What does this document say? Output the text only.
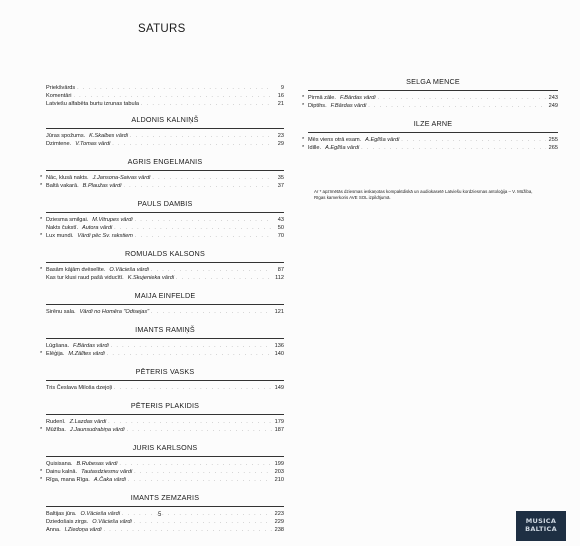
SATURS
Priekšvārds . . .	9
Komentāri . . .	16
Latviešu alfabēta burtu izrunas tabula . . .	21
ALDONIS KALNIŅŠ
Jūras spožums. K.Skalbes vārdi . . .	23
Dzimtene. V.Tomas vārdi . . .	29
AGRIS ENGELMANIS
* Nāc, klusā nakts. J.Jansona-Saivas vārdi . . .	35
* Baltā vakarā. B.Plaužas vārdi . . .	37
PAULS DAMBIS
* Dziesma smilgai. M.Vitrupes vārdi . . .	43
Nakts čukstī. Autora vārdi . . .	50
* Lux mundi. Vārdi pēc Sv. rakstiem . . .	70
ROMUALDS KALSONS
* Basām kājām dvēselīte. O.Vācieša vārdi . . .	87
Kas tur klusi raud pašā viducītī. K.Skujenieka vārdi . . .	112
MAIJA EINFELDE
Sirēnu sala. Vārdi no Homēra "Odisejas" . . .	121
IMANTS RAMIŅŠ
Lūgšana. F.Bārdas vārdi . . .	136
* Elēģija. M.Zālītes vārdi . . .	140
PĒTERIS VASKS
Tris Česlava Miloša dzejoļi . . .	149
PĒTERIS PLAKIDIS
Rudenī. Z.Lazdas vārdi . . .	179
* Mūžība. J.Jaunsudrabiņa vārdi . . .	187
JURIS KARLSONS
Quisisana. B.Rubesas vārdi . . .	199
* Dainu kalnā. Tautasdziesmu vārdi . . .	203
* Rīga, mana Rīga. A.Čaka vārdi . . .	210
IMANTS ZEMZARIS
Baltijas jūra. O.Vācieša vārdi . . .	223
Dziedošais zirgs. O.Vācieša vārdi . . .	229
Anna. I.Ziedoņa vārdi . . .	238
SELGA MENCE
* Pirmā zāle. F.Bārdas vārdi . . .	243
* Diptihs. F.Bārdas vārdi . . .	249
ILZE ARNE
* Mēs viens otrā esam. A.Eglīša vārdi . . .	255
* Idille. A.Eglīša vārdi . . .	265
Ar * apzīmētās dziesmas ieskaņotas kompaktdiskā un audiokasetē Latviešu kordziesmas antoloģija – V. Mūžiba, Rīgas kamerkoris AVE SOL izpildījumā.
5
MUSICA
BALTICA
